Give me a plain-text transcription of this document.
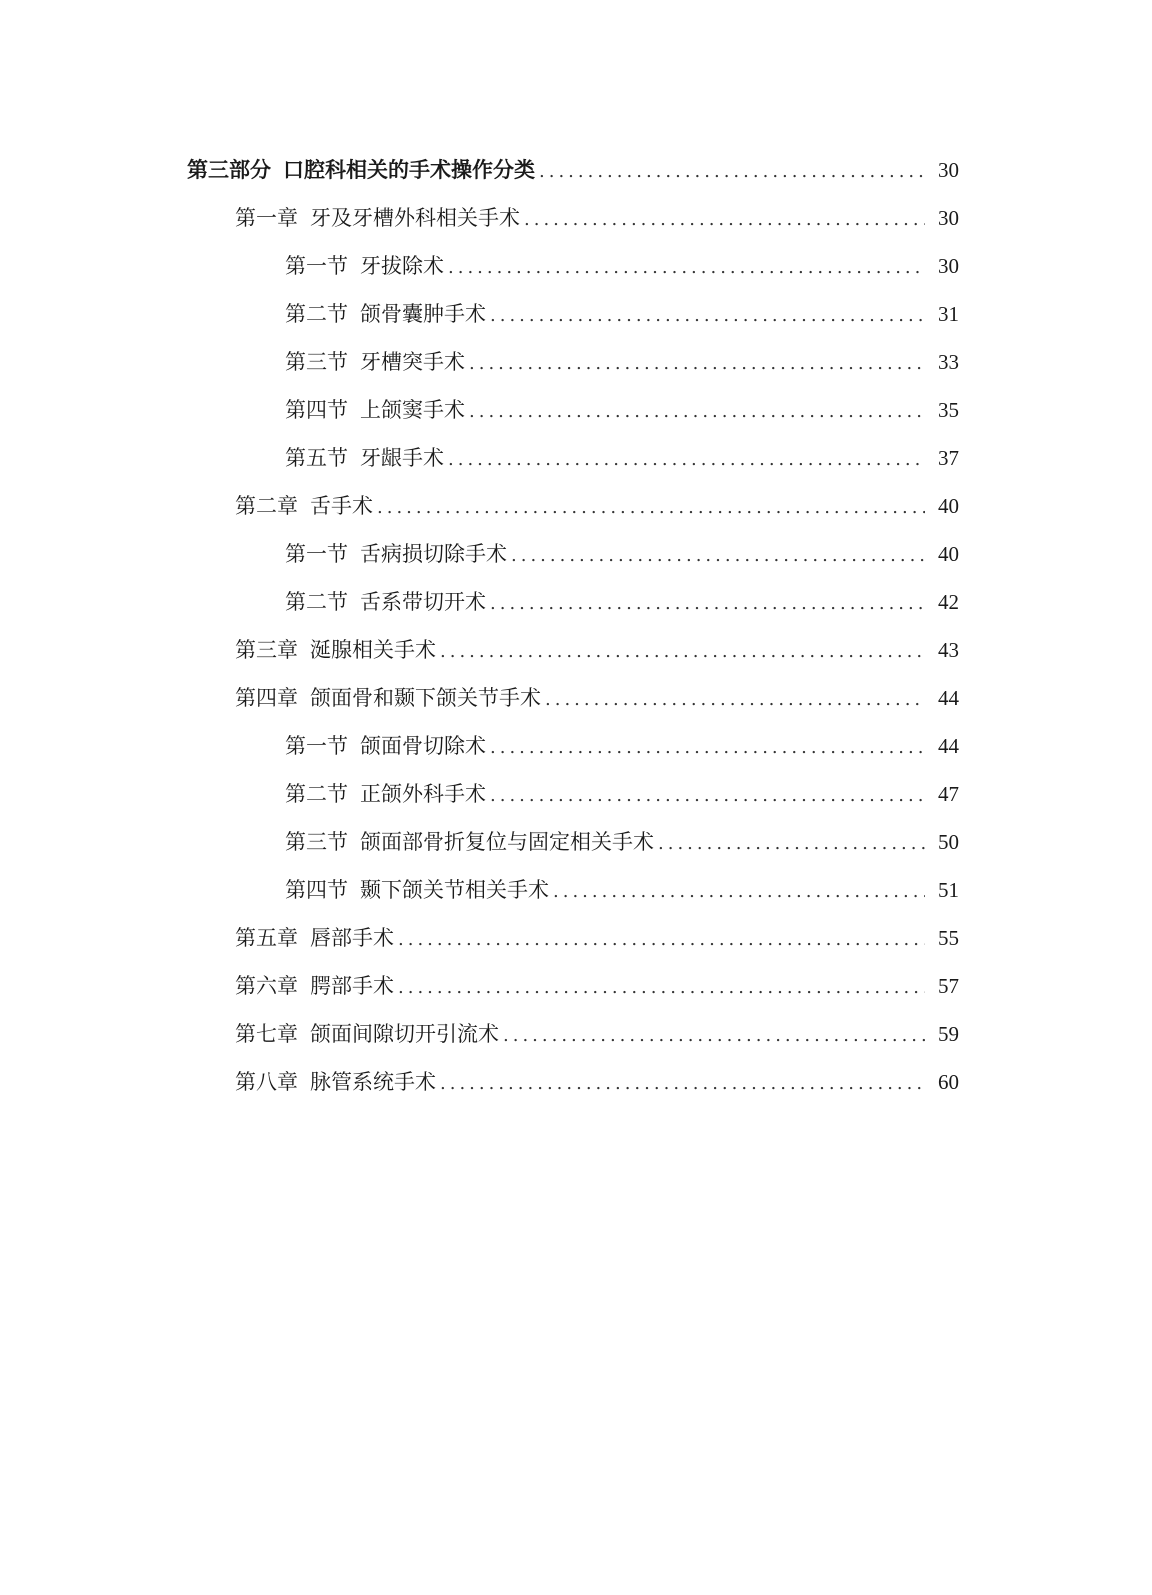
第三部分 口腔科相关的手术操作分类 .....	30
第一章 牙及牙槽外科相关手术 .....	30
第一节 牙拔除术 .....	30
第二节 颌骨囊肿手术 .....	31
第三节 牙槽突手术 .....	33
第四节 上颌窦手术 .....	35
第五节 牙龈手术 .....	37
第二章 舌手术 .....	40
第一节 舌病损切除手术 .....	40
第二节 舌系带切开术 .....	42
第三章 涎腺相关手术 .....	43
第四章 颌面骨和颞下颌关节手术 .....	44
第一节 颌面骨切除术 .....	44
第二节 正颌外科手术 .....	47
第三节 颌面部骨折复位与固定相关手术 .....	50
第四节 颞下颌关节相关手术 .....	51
第五章 唇部手术 .....	55
第六章 腭部手术 .....	57
第七章 颌面间隙切开引流术 .....	59
第八章 脉管系统手术 .....	60
